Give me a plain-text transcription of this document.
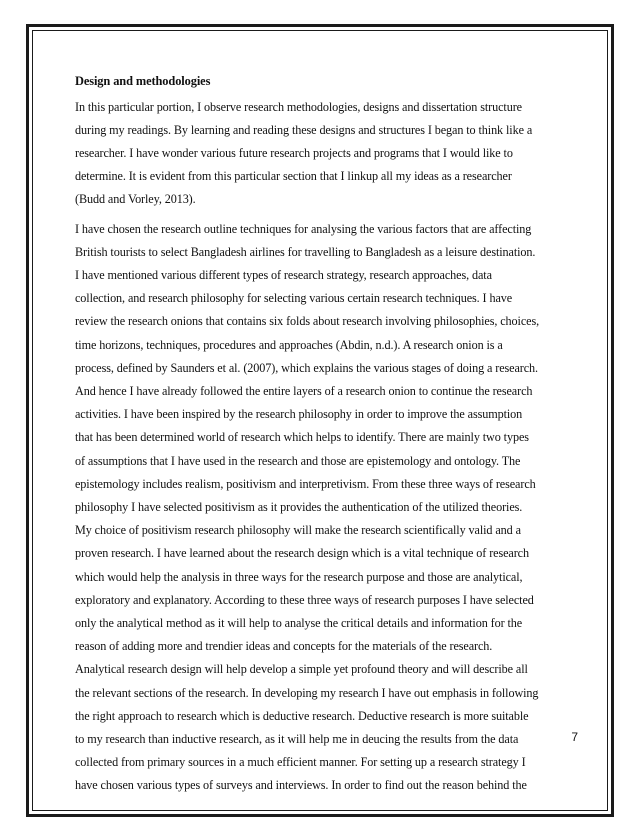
Design and methodologies
In this particular portion, I observe research methodologies, designs and dissertation structure
during my readings. By learning and reading these designs and structures I began to think like a
researcher. I have wonder various future research projects and programs that I would like to
determine. It is evident from this particular section that I linkup all my ideas as a researcher
(Budd and Vorley, 2013).
I have chosen the research outline techniques for analysing the various factors that are affecting
British tourists to select Bangladesh airlines for travelling to Bangladesh as a leisure destination.
I have mentioned various different types of research strategy, research approaches, data
collection, and research philosophy for selecting various certain research techniques. I have
review the research onions that contains six folds about research involving philosophies, choices,
time horizons, techniques, procedures and approaches (Abdin, n.d.). A research onion is a
process, defined by Saunders et al. (2007), which explains the various stages of doing a research.
And hence I have already followed the entire layers of a research onion to continue the research
activities. I have been inspired by the research philosophy in order to improve the assumption
that has been determined world of research which helps to identify. There are mainly two types
of assumptions that I have used in the research and those are epistemology and ontology. The
epistemology includes realism, positivism and interpretivism. From these three ways of research
philosophy I have selected positivism as it provides the authentication of the utilized theories.
My choice of positivism research philosophy will make the research scientifically valid and a
proven research. I have learned about the research design which is a vital technique of research
which would help the analysis in three ways for the research purpose and those are analytical,
exploratory and explanatory. According to these three ways of research purposes I have selected
only the analytical method as it will help to analyse the critical details and information for the
reason of adding more and trendier ideas and concepts for the materials of the research.
Analytical research design will help develop a simple yet profound theory and will describe all
the relevant sections of the research. In developing my research I have out emphasis in following
the right approach to research which is deductive research. Deductive research is more suitable
to my research than inductive research, as it will help me in deucing the results from the data
collected from primary sources in a much efficient manner. For setting up a research strategy I
have chosen various types of surveys and interviews. In order to find out the reason behind the
7
